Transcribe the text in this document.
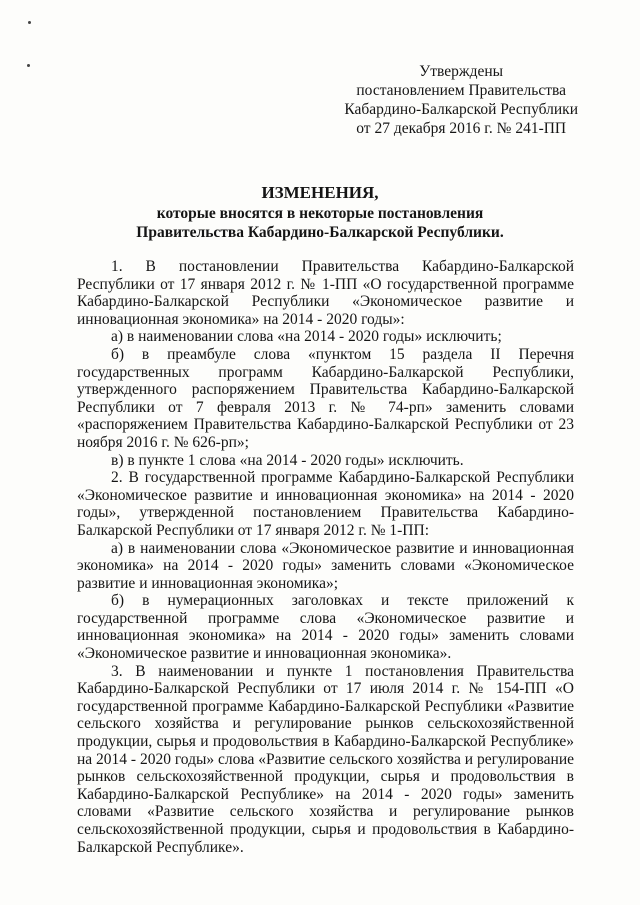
Утверждены
постановлением Правительства
Кабардино-Балкарской Республики
от 27 декабря 2016 г. № 241-ПП
ИЗМЕНЕНИЯ,
которые вносятся в некоторые постановления
Правительства Кабардино-Балкарской Республики.

1. В постановлении Правительства Кабардино-Балкарской Республики от 17 января 2012 г. № 1-ПП «О государственной программе Кабардино-Балкарской Республики «Экономическое развитие и инновационная экономика» на 2014 - 2020 годы»:

а) в наименовании слова «на 2014 - 2020 годы» исключить;

б) в преамбуле слова «пунктом 15 раздела II Перечня государственных программ Кабардино-Балкарской Республики, утвержденного распоряжением Правительства Кабардино-Балкарской Республики от 7 февраля 2013 г. № 74-рп» заменить словами «распоряжением Правительства Кабардино-Балкарской Республики от 23 ноября 2016 г. № 626-рп»;

в) в пункте 1 слова «на 2014 - 2020 годы» исключить.

2. В государственной программе Кабардино-Балкарской Республики «Экономическое развитие и инновационная экономика» на 2014 - 2020 годы», утвержденной постановлением Правительства Кабардино-Балкарской Республики от 17 января 2012 г. № 1-ПП:

а) в наименовании слова «Экономическое развитие и инновационная экономика» на 2014 - 2020 годы» заменить словами «Экономическое развитие и инновационная экономика»;

б) в нумерационных заголовках и тексте приложений к государственной программе слова «Экономическое развитие и инновационная экономика» на 2014 - 2020 годы» заменить словами «Экономическое развитие и инновационная экономика».

3. В наименовании и пункте 1 постановления Правительства Кабардино-Балкарской Республики от 17 июля 2014 г. № 154-ПП «О государственной программе Кабардино-Балкарской Республики «Развитие сельского хозяйства и регулирование рынков сельскохозяйственной продукции, сырья и продовольствия в Кабардино-Балкарской Республике» на 2014 - 2020 годы» слова «Развитие сельского хозяйства и регулирование рынков сельскохозяйственной продукции, сырья и продовольствия в Кабардино-Балкарской Республике» на 2014 - 2020 годы» заменить словами «Развитие сельского хозяйства и регулирование рынков сельскохозяйственной продукции, сырья и продовольствия в Кабардино-Балкарской Республике».
